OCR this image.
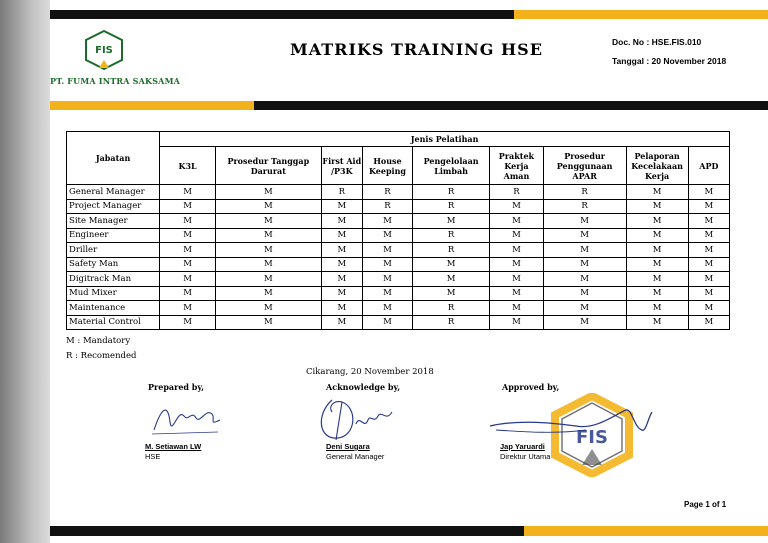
FIS
PT. FUMA INTRA SAKSAMA
MATRIKS TRAINING HSE	Doc. No : HSE.FIS.010
Tanggal : 20 November 2018
Jabatan	Jenis Pelatihan								
	K3L	Prosedur Tanggap Darurat	First Aid /P3K	House Keeping	Pengelolaan Limbah	Praktek Kerja Aman	Prosedur Penggunaan APAR	Pelaporan Kecelakaan Kerja	APD
General Manager	M	M	R	R	R	R	R	M	M
Project Manager	M	M	M	R	R	M	R	M	M
Site Manager	M	M	M	M	M	M	M	M	M
Engineer	M	M	M	M	R	M	M	M	M
Driller	M	M	M	M	R	M	M	M	M
Safety Man	M	M	M	M	M	M	M	M	M
Digitrack Man	M	M	M	M	M	M	M	M	M
Mud Mixer	M	M	M	M	M	M	M	M	M
Maintenance	M	M	M	M	R	M	M	M	M
Material Control	M	M	M	M	R	M	M	M	M
M : Mandatory
R : Recomended
Cikarang, 20 November 2018
Prepared by,
M. Setiawan LW
HSE
Acknowledge by,
Deni Sugara
General Manager
Approved by,
FIS
Jap Yaruardi
Direktur Utama
Page 1 of 1
